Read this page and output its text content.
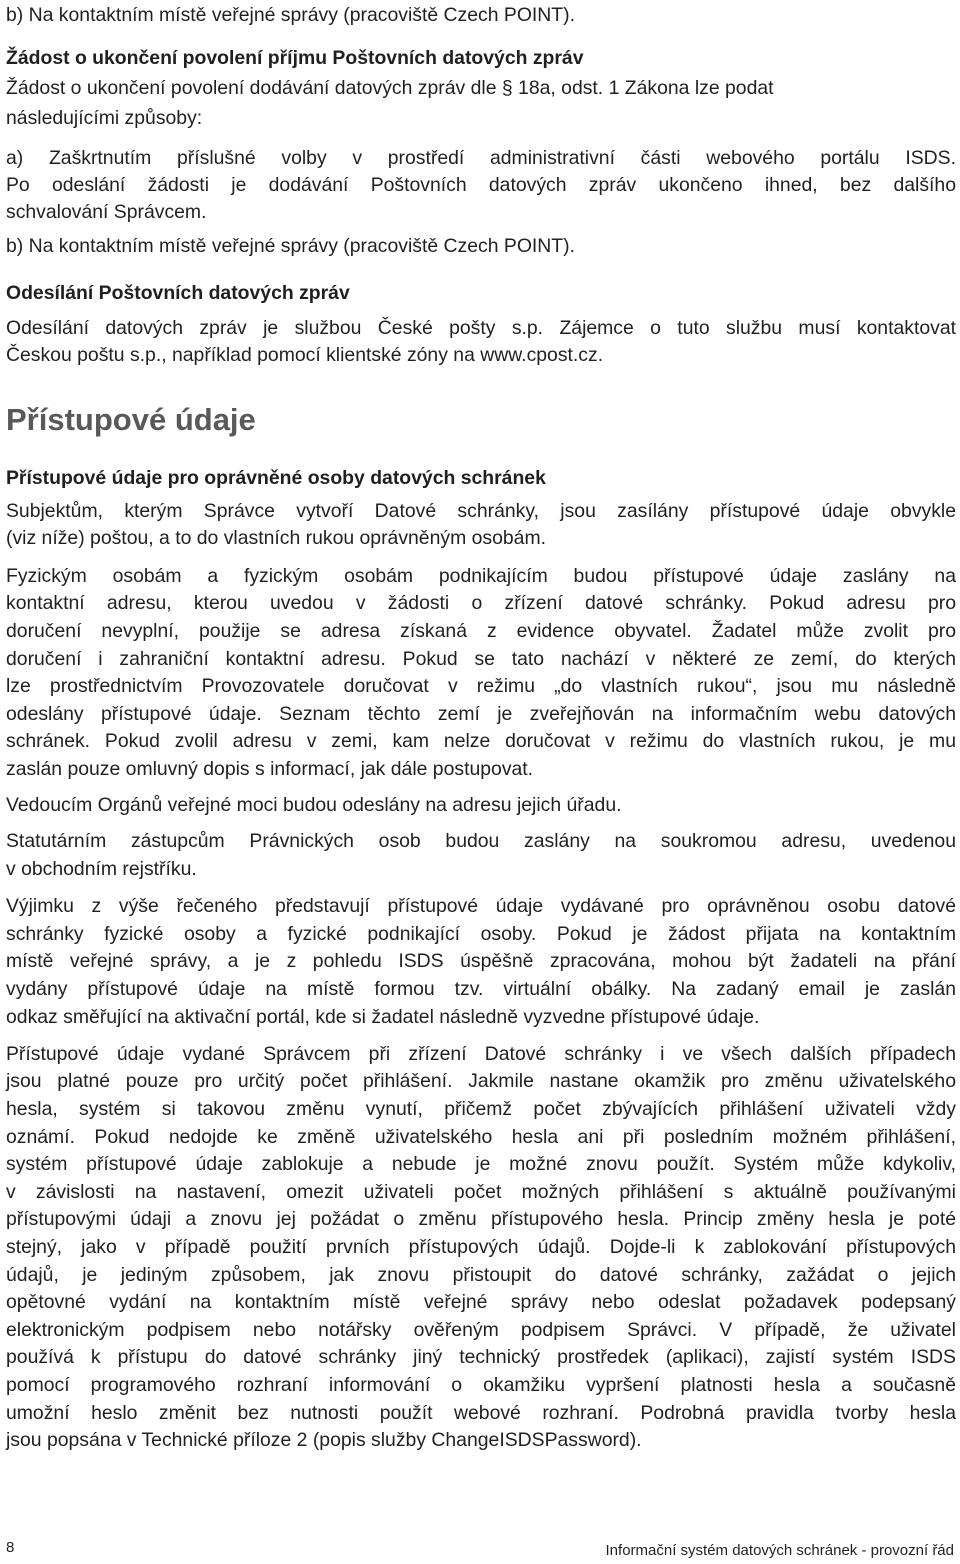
b) Na kontaktním místě veřejné správy (pracoviště Czech POINT).
Žádost o ukončení povolení příjmu Poštovních datových zpráv
Žádost o ukončení povolení dodávání datových zpráv dle § 18a, odst. 1 Zákona lze podat
následujícími způsoby:
a) Zaškrtnutím příslušné volby v prostředí administrativní části webového portálu ISDS.
Po odeslání žádosti je dodávání Poštovních datových zpráv ukončeno ihned, bez dalšího
schvalování Správcem.
b) Na kontaktním místě veřejné správy (pracoviště Czech POINT).
Odesílání Poštovních datových zpráv
Odesílání datových zpráv je službou České pošty s.p. Zájemce o tuto službu musí kontaktovat
Českou poštu s.p., například pomocí klientské zóny na www.cpost.cz.
Přístupové údaje
Přístupové údaje pro oprávněné osoby datových schránek
Subjektům, kterým Správce vytvoří Datové schránky, jsou zasílány přístupové údaje obvykle
(viz níže) poštou, a to do vlastních rukou oprávněným osobám.
Fyzickým osobám a fyzickým osobám podnikajícím budou přístupové údaje zaslány na
kontaktní adresu, kterou uvedou v žádosti o zřízení datové schránky. Pokud adresu pro
doručení nevyplní, použije se adresa získaná z evidence obyvatel. Žadatel může zvolit pro
doručení i zahraniční kontaktní adresu. Pokud se tato nachází v některé ze zemí, do kterých
lze prostřednictvím Provozovatele doručovat v režimu „do vlastních rukou“, jsou mu následně
odeslány přístupové údaje. Seznam těchto zemí je zveřejňován na informačním webu datových
schránek. Pokud zvolil adresu v zemi, kam nelze doručovat v režimu do vlastních rukou, je mu
zaslán pouze omluvný dopis s informací, jak dále postupovat.
Vedoucím Orgánů veřejné moci budou odeslány na adresu jejich úřadu.
Statutárním zástupcům Právnických osob budou zaslány na soukromou adresu, uvedenou
v obchodním rejstříku.
Výjimku z výše řečeného představují přístupové údaje vydávané pro oprávněnou osobu datové
schránky fyzické osoby a fyzické podnikající osoby. Pokud je žádost přijata na kontaktním
místě veřejné správy, a je z pohledu ISDS úspěšně zpracována, mohou být žadateli na přání
vydány přístupové údaje na místě formou tzv. virtuální obálky. Na zadaný email je zaslán
odkaz směřující na aktivační portál, kde si žadatel následně vyzvedne přístupové údaje.
Přístupové údaje vydané Správcem při zřízení Datové schránky i ve všech dalších případech
jsou platné pouze pro určitý počet přihlášení. Jakmile nastane okamžik pro změnu uživatelského
hesla, systém si takovou změnu vynutí, přičemž počet zbývajících přihlášení uživateli vždy
oznámí. Pokud nedojde ke změně uživatelského hesla ani při posledním možném přihlášení,
systém přístupové údaje zablokuje a nebude je možné znovu použít. Systém může kdykoliv,
v závislosti na nastavení, omezit uživateli počet možných přihlášení s aktuálně používanými
přístupovými údaji a znovu jej požádat o změnu přístupového hesla. Princip změny hesla je poté
stejný, jako v případě použití prvních přístupových údajů. Dojde-li k zablokování přístupových
údajů, je jediným způsobem, jak znovu přistoupit do datové schránky, zažádat o jejich
opětovné vydání na kontaktním místě veřejné správy nebo odeslat požadavek podepsaný
elektronickým podpisem nebo notářsky ověřeným podpisem Správci. V případě, že uživatel
používá k přístupu do datové schránky jiný technický prostředek (aplikaci), zajistí systém ISDS
pomocí programového rozhraní informování o okamžiku vypršení platnosti hesla a současně
umožní heslo změnit bez nutnosti použít webové rozhraní. Podrobná pravidla tvorby hesla
jsou popsána v Technické příloze 2 (popis služby ChangeISDSPassword).
8	Informační systém datových schránek - provozní řád
